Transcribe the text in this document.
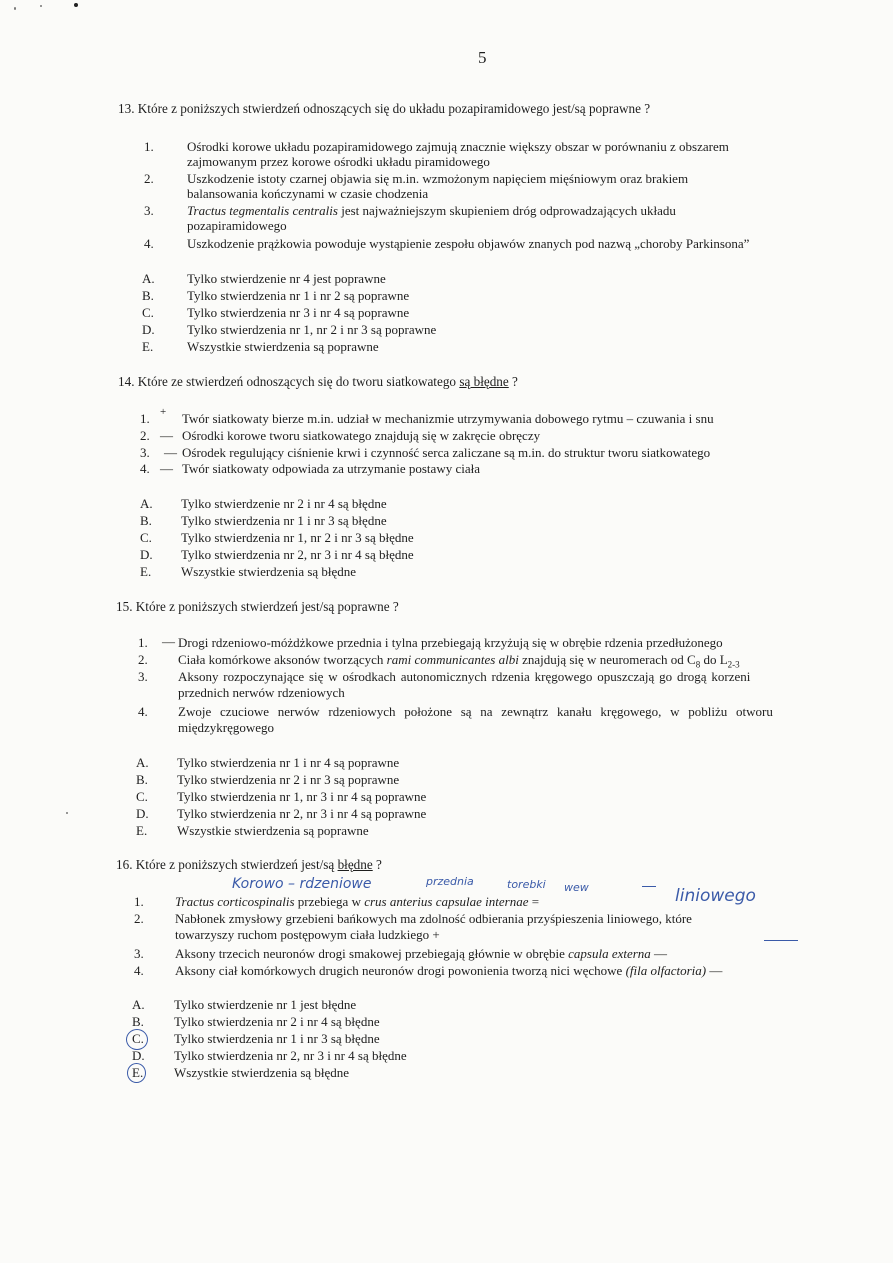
5
13. Które z poniższych stwierdzeń odnoszących się do układu pozapiramidowego jest/są poprawne ?
1.	Ośrodki korowe układu pozapiramidowego zajmują znacznie większy obszar w porównaniu z obszarem
zajmowanym przez korowe ośrodki układu piramidowego
2.	Uszkodzenie istoty czarnej objawia się m.in. wzmożonym napięciem mięśniowym oraz brakiem
balansowania kończynami w czasie chodzenia
3.	Tractus tegmentalis centralis jest najważniejszym skupieniem dróg odprowadzających układu
pozapiramidowego
4.	Uszkodzenie prążkowia powoduje wystąpienie zespołu objawów znanych pod nazwą „choroby Parkinsona”
A. Tylko stwierdzenie nr 4 jest poprawne
B.	Tylko stwierdzenia nr 1 i nr 2 są poprawne
C.	Tylko stwierdzenia nr 3 i nr 4 są poprawne
D. Tylko stwierdzenia nr 1, nr 2 i nr 3 są poprawne
E.	Wszystkie stwierdzenia są poprawne
14. Które ze stwierdzeń odnoszących się do tworu siatkowatego są błędne ?
1. + Twór siatkowaty bierze m.in. udział w mechanizmie utrzymywania dobowego rytmu – czuwania i snu
2. — Ośrodki korowe tworu siatkowatego znajdują się w zakręcie obręczy
3. — Ośrodek regulujący ciśnienie krwi i czynność serca zaliczane są m.in. do struktur tworu siatkowatego
4. — Twór siatkowaty odpowiada za utrzymanie postawy ciała
A. Tylko stwierdzenie nr 2 i nr 4 są błędne
B. Tylko stwierdzenia nr 1 i nr 3 są błędne
C. Tylko stwierdzenia nr 1, nr 2 i nr 3 są błędne
D. Tylko stwierdzenia nr 2, nr 3 i nr 4 są błędne
E. Wszystkie stwierdzenia są błędne
15. Które z poniższych stwierdzeń jest/są poprawne ?
1. — Drogi rdzeniowo-móżdżkowe przednia i tylna przebiegają krzyżują się w obrębie rdzenia przedłużonego
2. Ciała komórkowe aksonów tworzących rami communicantes albi znajdują się w neuromerach od $C_8$ do $L_{2-3}$
3. Aksony rozpoczynające się w ośrodkach autonomicznych rdzenia kręgowego opuszczają go drogą korzeni
przednich nerwów rdzeniowych
4. Zwoje czuciowe nerwów rdzeniowych położone są na zewnątrz kanału kręgowego, w pobliżu otworu
międzykręgowego
A. Tylko stwierdzenia nr 1 i nr 4 są poprawne
B. Tylko stwierdzenia nr 2 i nr 3 są poprawne
C. Tylko stwierdzenia nr 1, nr 3 i nr 4 są poprawne
D. Tylko stwierdzenia nr 2, nr 3 i nr 4 są poprawne
E. Wszystkie stwierdzenia są poprawne
16. Które z poniższych stwierdzeń jest/są błędne ?
Korowo – rdzeniowe	przednia	torebki wew	liniowego
1. Tractus corticospinalis przebiega w crus anterius capsulae internae =
2. Nabłonek zmysłowy grzebieni bańkowych ma zdolność odbierania przyśpieszenia liniowego, które
towarzyszy ruchom postępowym ciała ludzkiego +
3. Aksony trzecich neuronów drogi smakowej przebiegają głównie w obrębie capsula externa —
4. Aksony ciał komórkowych drugich neuronów drogi powonienia tworzą nici węchowe (fila olfactoria) —
A. Tylko stwierdzenie nr 1 jest błędne
B. Tylko stwierdzenia nr 2 i nr 4 są błędne
C. Tylko stwierdzenia nr 1 i nr 3 są błędne
D. Tylko stwierdzenia nr 2, nr 3 i nr 4 są błędne
E. Wszystkie stwierdzenia są błędne
